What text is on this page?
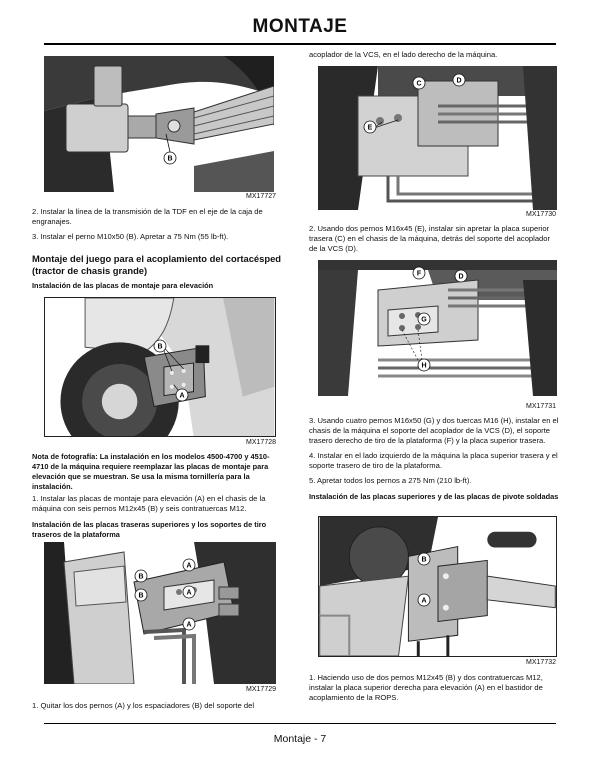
MONTAJE
B
MX17727

2. Instalar la línea de la transmisión de la TDF en el eje de la caja de engranajes.

3. Instalar el perno M10x50 (B). Apretar a 75 Nm (55 lb-ft).

Montaje del juego para el acoplamiento del cortacésped (tractor de chasis grande)

Instalación de las placas de montaje para elevación

B
A
MX17728

Nota de fotografía: La instalación en los modelos 4500-4700 y 4510-4710 de la máquina requiere reemplazar las placas de montaje para elevación que se muestran. Se usa la misma tornillería para la instalación.

1. Instalar las placas de montaje para elevación (A) en el chasis de la máquina con seis pernos M12x45 (B) y seis contratuercas M12.

Instalación de las placas traseras superiores y los soportes de tiro traseros de la plataforma

A
B
B	A
A
MX17729

1. Quitar los dos pernos (A) y los espaciadores (B) del soporte del

acoplador de la VCS, en el lado derecho de la máquina.

C	D
E
MX17730

2. Usando dos pernos M16x45 (E), instalar sin apretar la placa superior trasera (C) en el chasis de la máquina, detrás del soporte del acoplador de la VCS (D).

F	D
G
H
MX17731

3. Usando cuatro pernos M16x50 (G) y dos tuercas M16 (H), instalar en el chasis de la máquina el soporte del acoplador de la VCS (D), el soporte trasero derecho de tiro de la plataforma (F) y la placa superior trasera.

4. Instalar en el lado izquierdo de la máquina la placa superior trasera y el soporte trasero de tiro de la plataforma.

5. Apretar todos los pernos a 275 Nm (210 lb-ft).

Instalación de las placas superiores y de las placas de pivote soldadas

B
A
MX17732

1. Haciendo uso de dos pernos M12x45 (B) y dos contratuercas M12, instalar la placa superior derecha para elevación (A) en el bastidor de acoplamiento de la ROPS.

Montaje - 7
